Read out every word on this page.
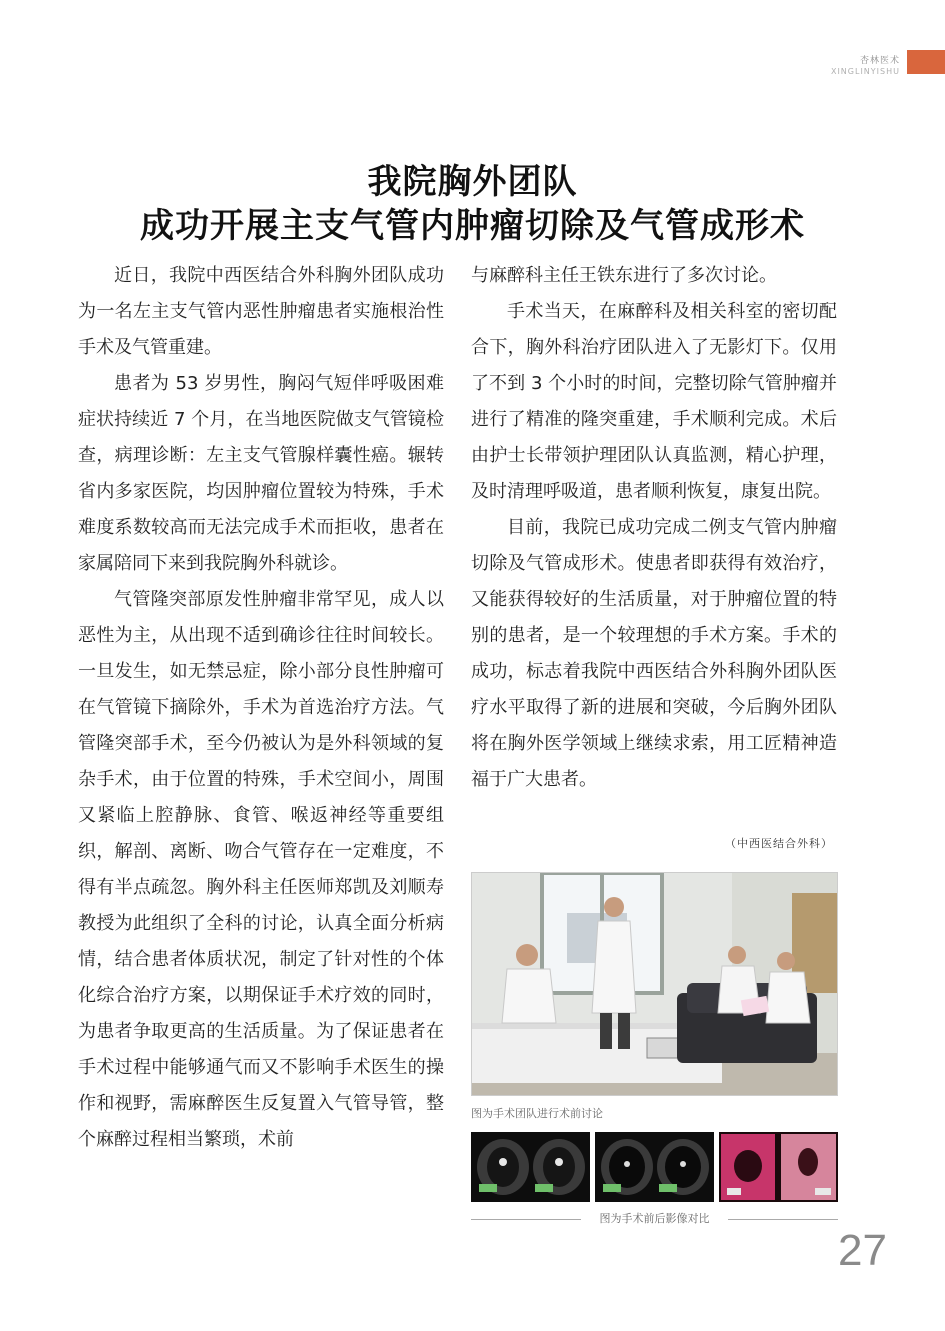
杏林医术
XINGLINYISHU
我院胸外团队
成功开展主支气管内肿瘤切除及气管成形术

近日，我院中西医结合外科胸外团队成功为一名左主支气管内恶性肿瘤患者实施根治性手术及气管重建。

患者为 53 岁男性，胸闷气短伴呼吸困难症状持续近 7 个月，在当地医院做支气管镜检查，病理诊断：左主支气管腺样囊性癌。辗转省内多家医院，均因肿瘤位置较为特殊，手术难度系数较高而无法完成手术而拒收，患者在家属陪同下来到我院胸外科就诊。

气管隆突部原发性肿瘤非常罕见，成人以恶性为主，从出现不适到确诊往往时间较长。一旦发生，如无禁忌症，除小部分良性肿瘤可在气管镜下摘除外，手术为首选治疗方法。气管隆突部手术，至今仍被认为是外科领域的复杂手术，由于位置的特殊，手术空间小，周围又紧临上腔静脉、食管、喉返神经等重要组织，解剖、离断、吻合气管存在一定难度，不得有半点疏忽。胸外科主任医师郑凯及刘顺寿教授为此组织了全科的讨论，认真全面分析病情，结合患者体质状况，制定了针对性的个体化综合治疗方案，以期保证手术疗效的同时，为患者争取更高的生活质量。为了保证患者在手术过程中能够通气而又不影响手术医生的操作和视野，需麻醉医生反复置入气管导管，整个麻醉过程相当繁琐，术前

与麻醉科主任王铁东进行了多次讨论。

手术当天，在麻醉科及相关科室的密切配合下，胸外科治疗团队进入了无影灯下。仅用了不到 3 个小时的时间，完整切除气管肿瘤并进行了精准的隆突重建，手术顺利完成。术后由护士长带领护理团队认真监测，精心护理，及时清理呼吸道，患者顺利恢复，康复出院。

目前，我院已成功完成二例支气管内肿瘤切除及气管成形术。使患者即获得有效治疗，又能获得较好的生活质量，对于肿瘤位置的特别的患者，是一个较理想的手术方案。手术的成功，标志着我院中西医结合外科胸外团队医疗水平取得了新的进展和突破，今后胸外团队将在胸外医学领域上继续求索，用工匠精神造福于广大患者。

（中西医结合外科）
图为手术团队进行术前讨论
图为手术前后影像对比
27
